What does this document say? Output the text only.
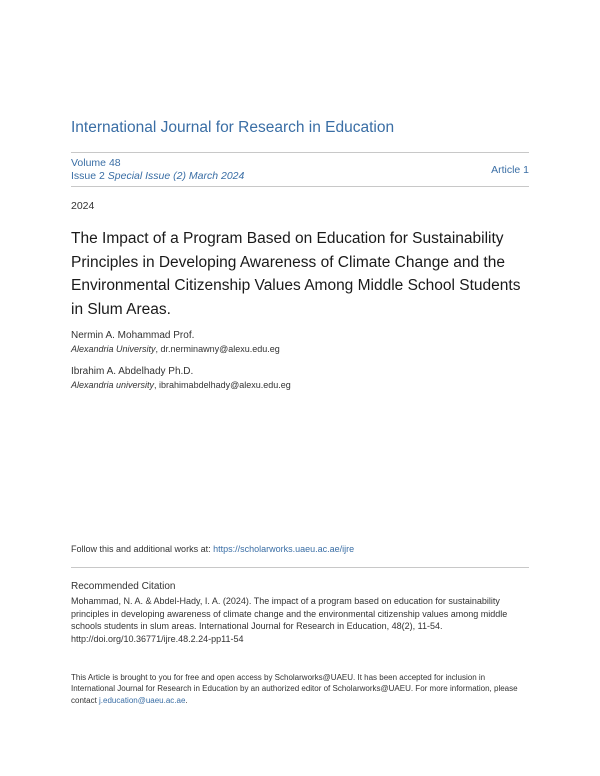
International Journal for Research in Education
Volume 48
Issue 2 Special Issue (2) March 2024	Article 1
2024
The Impact of a Program Based on Education for Sustainability Principles in Developing Awareness of Climate Change and the Environmental Citizenship Values Among Middle School Students in Slum Areas.
Nermin A. Mohammad Prof.
Alexandria University, dr.nerminawny@alexu.edu.eg
Ibrahim A. Abdelhady Ph.D.
Alexandria university, ibrahimabdelhady@alexu.edu.eg
Follow this and additional works at: https://scholarworks.uaeu.ac.ae/ijre
Recommended Citation
Mohammad, N. A. & Abdel-Hady, I. A. (2024). The impact of a program based on education for sustainability principles in developing awareness of climate change and the environmental citizenship values among middle schools students in slum areas. International Journal for Research in Education, 48(2), 11-54. http://doi.org/10.36771/ijre.48.2.24-pp11-54
This Article is brought to you for free and open access by Scholarworks@UAEU. It has been accepted for inclusion in International Journal for Research in Education by an authorized editor of Scholarworks@UAEU. For more information, please contact j.education@uaeu.ac.ae.
